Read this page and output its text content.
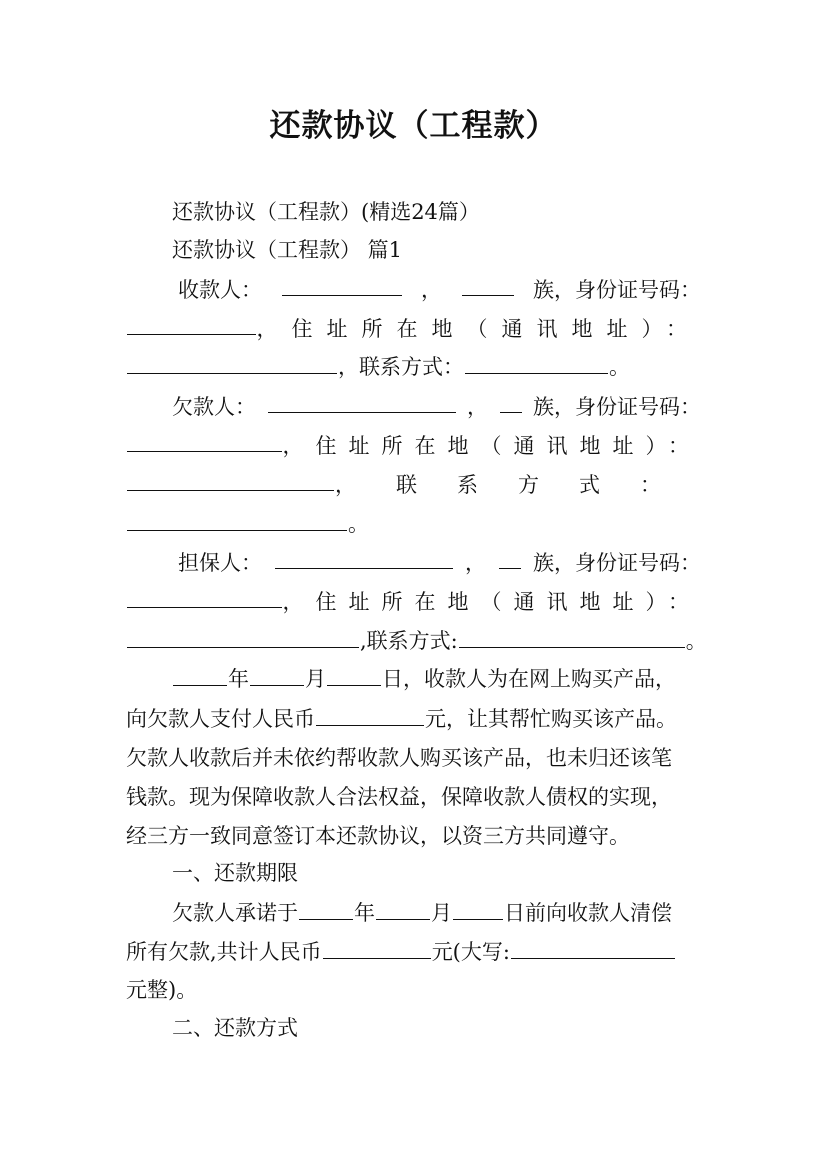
还款协议（工程款）
还款协议（工程款）(精选24篇）
还款协议（工程款） 篇1
收款人：	，	族，身份证号码：
，住址所在地（通讯地址）：
，联系方式：	。
欠款人：	， 族，身份证号码：
，住址所在地（通讯地址）：
，联系方式：
。
担保人：	， 族，身份证号码：
，住址所在地（通讯地址）：
,联系方式:	。
年	月	日，收款人为在网上购买产品，
向欠款人支付人民币	元，让其帮忙购买该产品。
欠款人收款后并未依约帮收款人购买该产品，也未归还该笔
钱款。现为保障收款人合法权益，保障收款人债权的实现，
经三方一致同意签订本还款协议，以资三方共同遵守。
一、还款期限
欠款人承诺于	年	月 日前向收款人清偿
所有欠款,共计人民币	元(大写:
元整)。
二、还款方式
